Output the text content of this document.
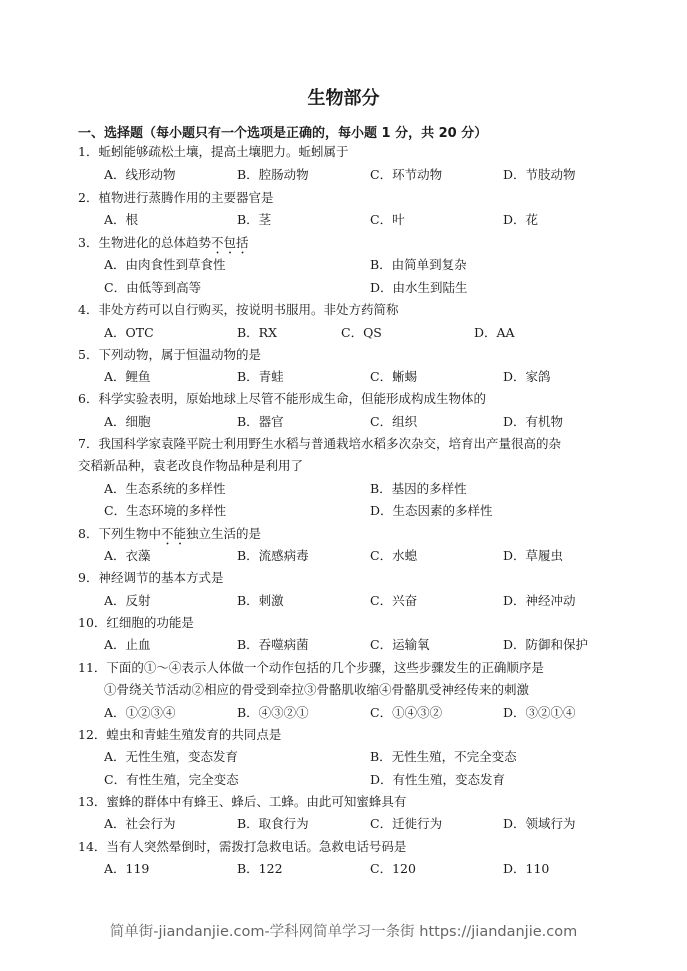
生物部分
一、选择题（每小题只有一个选项是正确的，每小题 1 分，共 20 分）
1．蚯蚓能够疏松土壤，提高土壤肥力。蚯蚓属于
A．线形动物	B．腔肠动物	C．环节动物	D．节肢动物
2．植物进行蒸腾作用的主要器官是
A．根	B．茎	C．叶	D．花
3．生物进化的总体趋势不包括
A．由肉食性到草食性	B．由简单到复杂
C．由低等到高等	D．由水生到陆生
4．非处方药可以自行购买，按说明书服用。非处方药简称
A．OTC	B．RX	C．QS	D．AA
5．下列动物，属于恒温动物的是
A．鲤鱼	B．青蛙	C．蜥蜴	D．家鸽
6．科学实验表明，原始地球上尽管不能形成生命，但能形成构成生物体的
A．细胞	B．器官	C．组织	D．有机物
7．我国科学家袁隆平院士利用野生水稻与普通栽培水稻多次杂交，培育出产量很高的杂
交稻新品种，袁老改良作物品种是利用了
A．生态系统的多样性	B．基因的多样性
C．生态环境的多样性	D．生态因素的多样性
8．下列生物中不能独立生活的是
A．衣藻	B．流感病毒	C．水螅	D．草履虫
9．神经调节的基本方式是
A．反射	B．刺激	C．兴奋	D．神经冲动
10．红细胞的功能是
A．止血	B．吞噬病菌	C．运输氧	D．防御和保护
11．下面的①～④表示人体做一个动作包括的几个步骤，这些步骤发生的正确顺序是
①骨绕关节活动②相应的骨受到牵拉③骨骼肌收缩④骨骼肌受神经传来的刺激
A．①②③④	B．④③②①	C．①④③②	D．③②①④
12．蝗虫和青蛙生殖发育的共同点是
A．无性生殖，变态发育	B．无性生殖，不完全变态
C．有性生殖，完全变态	D．有性生殖，变态发育
13．蜜蜂的群体中有蜂王、蜂后、工蜂。由此可知蜜蜂具有
A．社会行为	B．取食行为	C．迁徙行为	D．领域行为
14．当有人突然晕倒时，需拨打急救电话。急救电话号码是
A．119	B．122	C．120	D．110
简单街-jiandanjie.com-学科网简单学习一条街 https://jiandanjie.com
